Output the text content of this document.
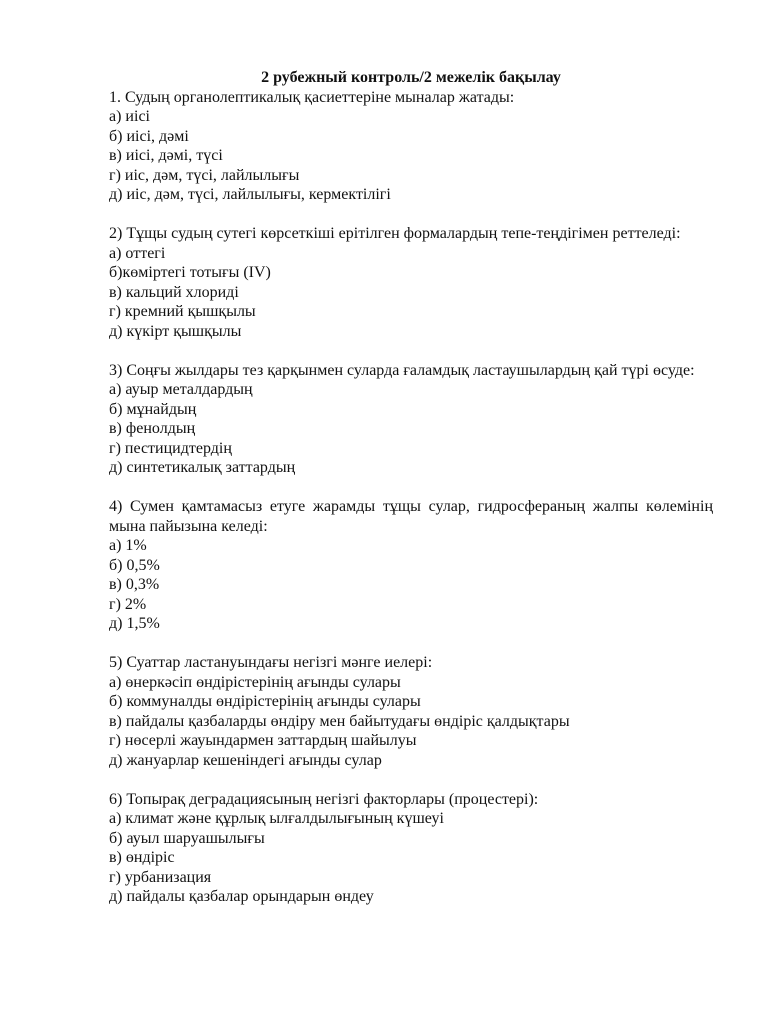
2 рубежный контроль/2 межелік бақылау

1. Судың органолептикалық қасиеттеріне мыналар жатады:

а) иісі

б) иісі, дәмі

в) иісі, дәмі, түсі

г) иіс, дәм, түсі, лайлылығы

д) иіс, дәм, түсі, лайлылығы, кермектілігі

2) Тұщы судың сутегі көрсеткіші ерітілген формалардың тепе-теңдігімен реттеледі:

а) оттегі

б)көміртегі тотығы (IV)

в) кальций хлориді

г) кремний қышқылы

д) күкірт қышқылы

3) Соңғы жылдары тез қарқынмен суларда ғаламдық ластаушылардың қай түрі өсуде:

а) ауыр металдардың

б) мұнайдың

в) фенолдың

г) пестицидтердің

д) синтетикалық заттардың

4) Сумен қамтамасыз етуге жарамды тұщы сулар, гидросфераның жалпы көлемінің мына пайызына келеді:

а) 1%

б) 0,5%

в) 0,3%

г) 2%

д) 1,5%

5) Суаттар ластануындағы негізгі мәнге иелері:

а) өнеркәсіп өндірістерінің ағынды сулары

б) коммуналды өндірістерінің ағынды сулары

в) пайдалы қазбаларды өндіру мен байытудағы өндіріс қалдықтары

г) нөсерлі жауындармен заттардың шайылуы

д) жануарлар кешеніндегі ағынды сулар

6) Топырақ деградациясының негізгі факторлары (процестері):

а) климат және құрлық ылғалдылығының күшеуі

б) ауыл шаруашылығы

в) өндіріс

г) урбанизация

д) пайдалы қазбалар орындарын өндеу
